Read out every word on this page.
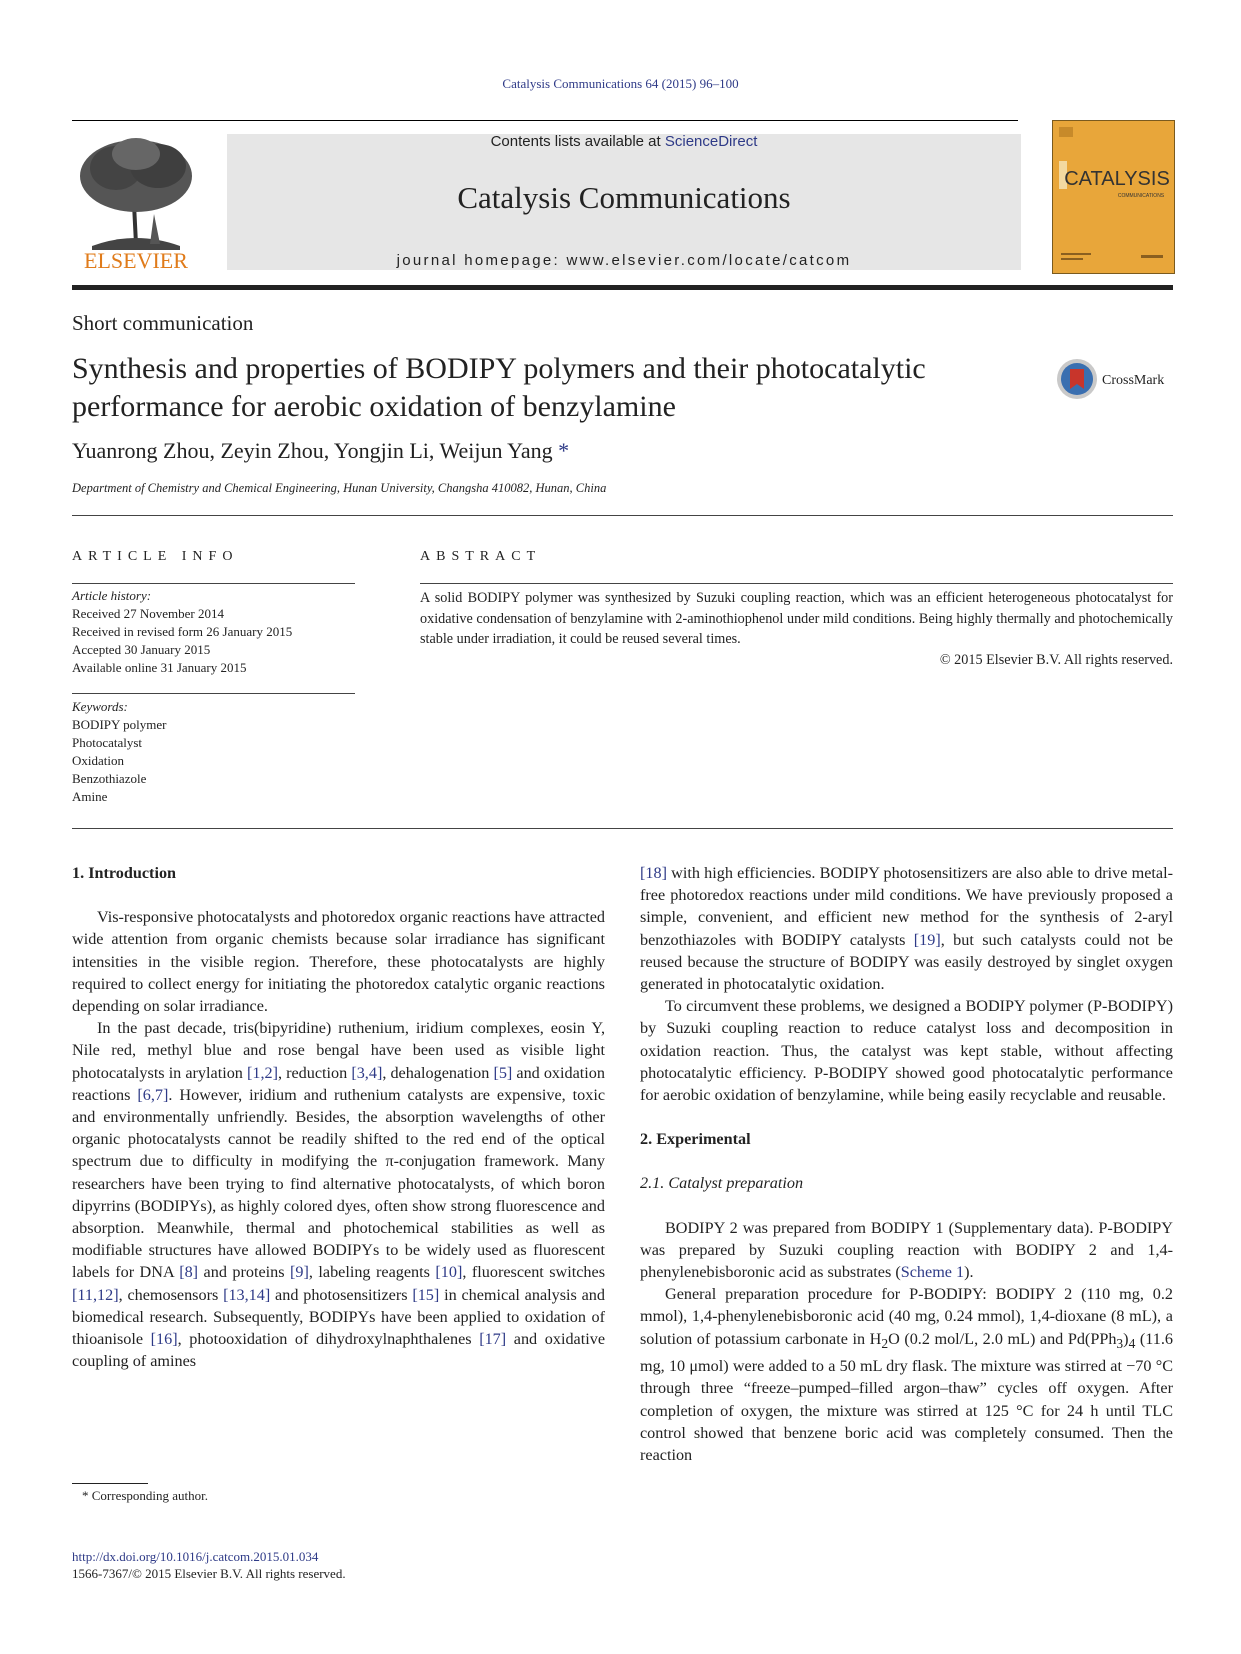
Catalysis Communications 64 (2015) 96–100
ELSEVIER
Contents lists available at ScienceDirect
Catalysis Communications
journal homepage: www.elsevier.com/locate/catcom
CATALYSIS
COMMUNICATIONS
Short communication
Synthesis and properties of BODIPY polymers and their photocatalytic performance for aerobic oxidation of benzylamine
CrossMark
Yuanrong Zhou, Zeyin Zhou, Yongjin Li, Weijun Yang *
Department of Chemistry and Chemical Engineering, Hunan University, Changsha 410082, Hunan, China
ARTICLE INFO	ABSTRACT
Article history:
Received 27 November 2014
Received in revised form 26 January 2015
Accepted 30 January 2015
Available online 31 January 2015
Keywords:
BODIPY polymer
Photocatalyst
Oxidation
Benzothiazole
Amine
A solid BODIPY polymer was synthesized by Suzuki coupling reaction, which was an efficient heterogeneous photocatalyst for oxidative condensation of benzylamine with 2-aminothiophenol under mild conditions. Being highly thermally and photochemically stable under irradiation, it could be reused several times.
© 2015 Elsevier B.V. All rights reserved.
1. Introduction

Vis-responsive photocatalysts and photoredox organic reactions have attracted wide attention from organic chemists because solar irradiance has significant intensities in the visible region. Therefore, these photocatalysts are highly required to collect energy for initiating the photoredox catalytic organic reactions depending on solar irradiance.

In the past decade, tris(bipyridine) ruthenium, iridium complexes, eosin Y, Nile red, methyl blue and rose bengal have been used as visible light photocatalysts in arylation [1,2], reduction [3,4], dehalogenation [5] and oxidation reactions [6,7]. However, iridium and ruthenium catalysts are expensive, toxic and environmentally unfriendly. Besides, the absorption wavelengths of other organic photocatalysts cannot be readily shifted to the red end of the optical spectrum due to difficulty in modifying the π-conjugation framework. Many researchers have been trying to find alternative photocatalysts, of which boron dipyrrins (BODIPYs), as highly colored dyes, often show strong fluorescence and absorption. Meanwhile, thermal and photochemical stabilities as well as modifiable structures have allowed BODIPYs to be widely used as fluorescent labels for DNA [8] and proteins [9], labeling reagents [10], fluorescent switches [11,12], chemosensors [13,14] and photosensitizers [15] in chemical analysis and biomedical research. Subsequently, BODIPYs have been applied to oxidation of thioanisole [16], photooxidation of dihydroxylnaphthalenes [17] and oxidative coupling of amines

[18] with high efficiencies. BODIPY photosensitizers are also able to drive metal-free photoredox reactions under mild conditions. We have previously proposed a simple, convenient, and efficient new method for the synthesis of 2-aryl benzothiazoles with BODIPY catalysts [19], but such catalysts could not be reused because the structure of BODIPY was easily destroyed by singlet oxygen generated in photocatalytic oxidation.

To circumvent these problems, we designed a BODIPY polymer (P-BODIPY) by Suzuki coupling reaction to reduce catalyst loss and decomposition in oxidation reaction. Thus, the catalyst was kept stable, without affecting photocatalytic efficiency. P-BODIPY showed good photocatalytic performance for aerobic oxidation of benzylamine, while being easily recyclable and reusable.

2. Experimental
2.1. Catalyst preparation

BODIPY 2 was prepared from BODIPY 1 (Supplementary data). P-BODIPY was prepared by Suzuki coupling reaction with BODIPY 2 and 1,4-phenylenebisboronic acid as substrates (Scheme 1).

General preparation procedure for P-BODIPY: BODIPY 2 (110 mg, 0.2 mmol), 1,4-phenylenebisboronic acid (40 mg, 0.24 mmol), 1,4-dioxane (8 mL), a solution of potassium carbonate in $H_2O$ (0.2 mol/L, 2.0 mL) and $Pd(PPh_3)_4$ (11.6 mg, 10 μmol) were added to a 50 mL dry flask. The mixture was stirred at −70 °C through three “freeze–pumped–filled argon–thaw” cycles off oxygen. After completion of oxygen, the mixture was stirred at 125 °C for 24 h until TLC control showed that benzene boric acid was completely consumed. Then the reaction

* Corresponding author.
http://dx.doi.org/10.1016/j.catcom.2015.01.034
1566-7367/© 2015 Elsevier B.V. All rights reserved.
